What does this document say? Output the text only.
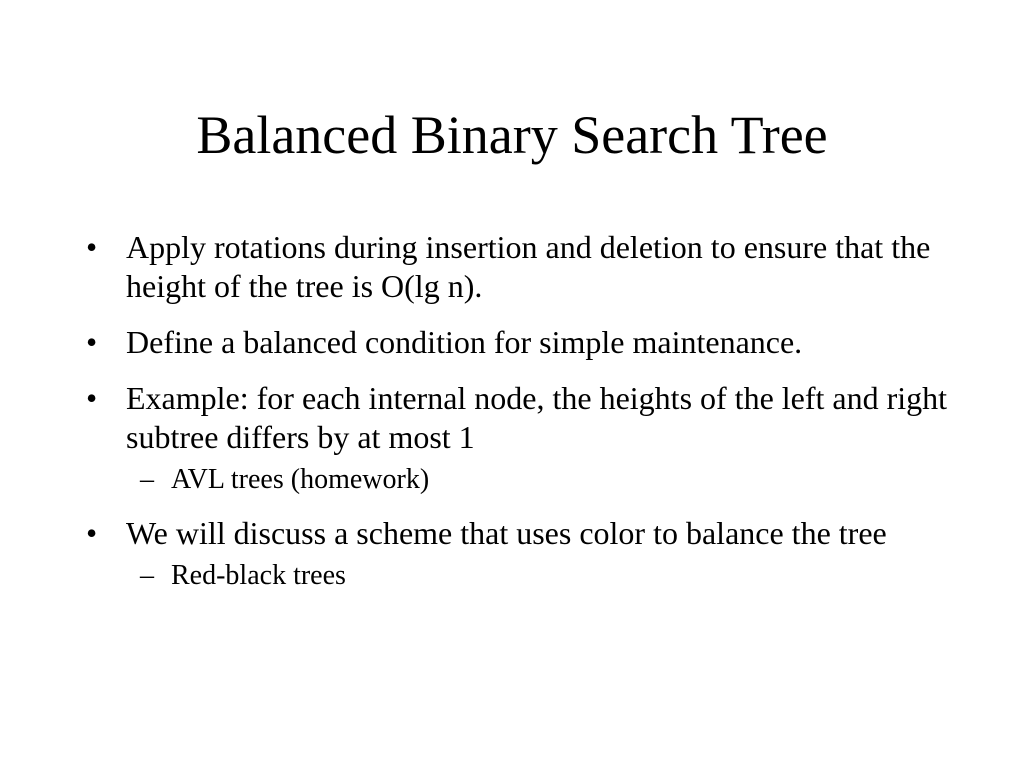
Balanced Binary Search Tree
• Apply rotations during insertion and deletion to ensure that the height of the tree is O(lg n).
• Define a balanced condition for simple maintenance.
• Example: for each internal node, the heights of the left and right subtree differs by at most 1
– AVL trees (homework)
• We will discuss a scheme that uses color to balance the tree
– Red-black trees
